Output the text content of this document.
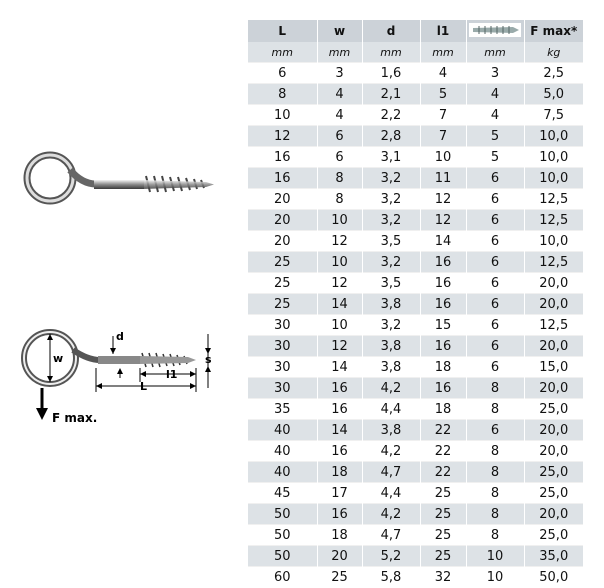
w
d
s
l1
L
F max.
L	w	d	l1		F max*
mm	mm	mm	mm	mm	kg
6	3	1,6	4	3	2,5
8	4	2,1	5	4	5,0
10	4	2,2	7	4	7,5
12	6	2,8	7	5	10,0
16	6	3,1	10	5	10,0
16	8	3,2	11	6	10,0
20	8	3,2	12	6	12,5
20	10	3,2	12	6	12,5
20	12	3,5	14	6	10,0
25	10	3,2	16	6	12,5
25	12	3,5	16	6	20,0
25	14	3,8	16	6	20,0
30	10	3,2	15	6	12,5
30	12	3,8	16	6	20,0
30	14	3,8	18	6	15,0
30	16	4,2	16	8	20,0
35	16	4,4	18	8	25,0
40	14	3,8	22	6	20,0
40	16	4,2	22	8	20,0
40	18	4,7	22	8	25,0
45	17	4,4	25	8	25,0
50	16	4,2	25	8	20,0
50	18	4,7	25	8	25,0
50	20	5,2	25	10	35,0
60	25	5,8	32	10	50,0
